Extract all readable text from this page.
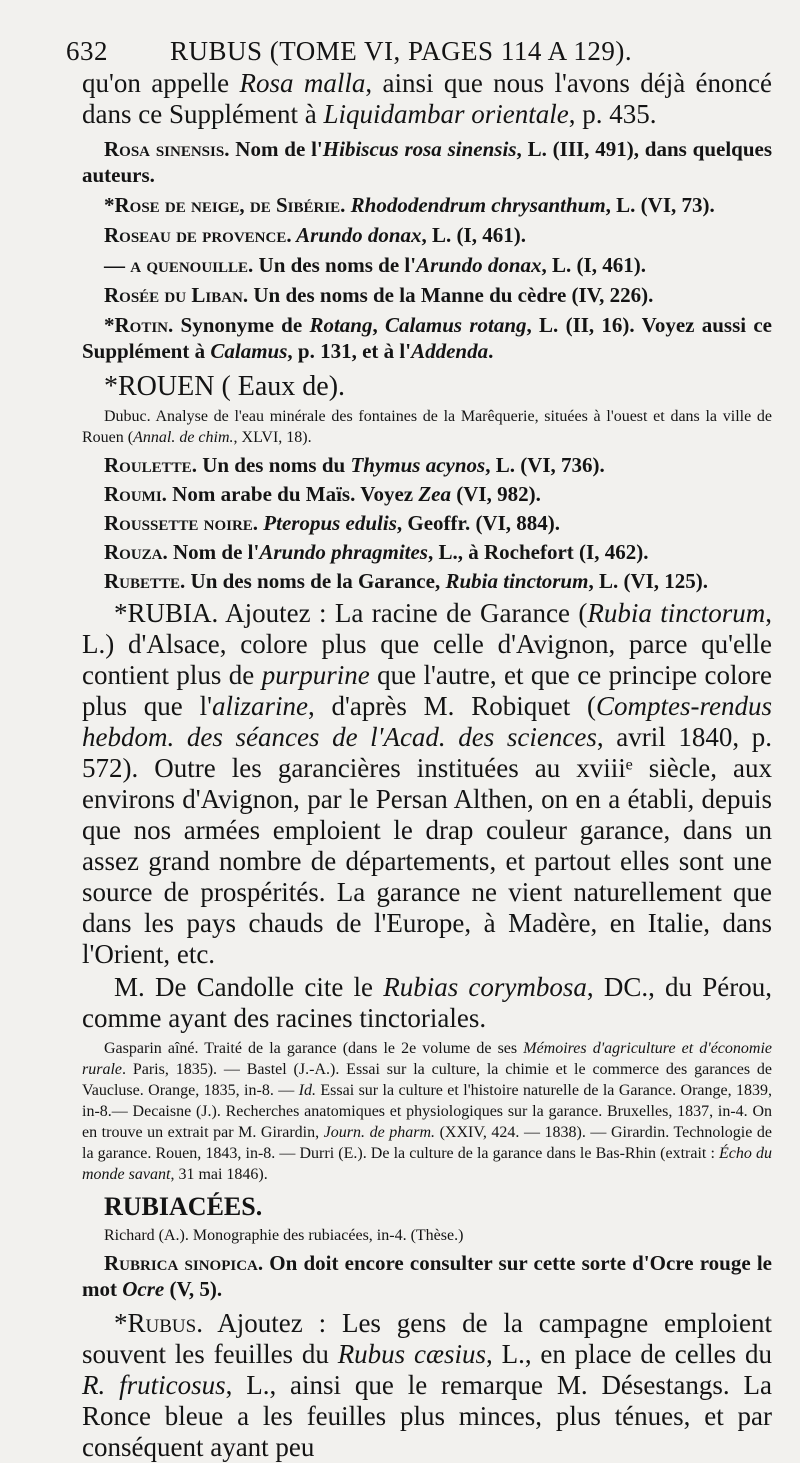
632 RUBUS (TOME VI, PAGES 114 A 129).

qu'on appelle Rosa malla, ainsi que nous l'avons déjà énoncé dans ce Supplément à Liquidambar orientale, p. 435.

Rosa sinensis. Nom de l'Hibiscus rosa sinensis, L. (III, 491), dans quelques auteurs.

*Rose de neige, de Sibérie. Rhododendrum chrysanthum, L. (VI, 73).

Roseau de provence. Arundo donax, L. (I, 461).

— a quenouille. Un des noms de l'Arundo donax, L. (I, 461).

Rosée du Liban. Un des noms de la Manne du cèdre (IV, 226).

*Rotin. Synonyme de Rotang, Calamus rotang, L. (II, 16). Voyez aussi ce Supplément à Calamus, p. 131, et à l'Addenda.

*ROUEN ( Eaux de).

Dubuc. Analyse de l'eau minérale des fontaines de la Marêquerie, situées à l'ouest et dans la ville de Rouen (Annal. de chim., XLVI, 18).

Roulette. Un des noms du Thymus acynos, L. (VI, 736).

Roumi. Nom arabe du Maïs. Voyez Zea (VI, 982).

Roussette noire. Pteropus edulis, Geoffr. (VI, 884).

Rouza. Nom de l'Arundo phragmites, L., à Rochefort (I, 462).

Rubette. Un des noms de la Garance, Rubia tinctorum, L. (VI, 125).

*RUBIA. Ajoutez : La racine de Garance (Rubia tinctorum, L.) d'Alsace, colore plus que celle d'Avignon, parce qu'elle contient plus de purpurine que l'autre, et que ce principe colore plus que l'alizarine, d'après M. Robiquet (Comptes-rendus hebdom. des séances de l'Acad. des sciences, avril 1840, p. 572). Outre les garancières instituées au xviiiᵉ siècle, aux environs d'Avignon, par le Persan Althen, on en a établi, depuis que nos armées emploient le drap couleur garance, dans un assez grand nombre de départements, et partout elles sont une source de prospérités. La garance ne vient naturellement que dans les pays chauds de l'Europe, à Madère, en Italie, dans l'Orient, etc.

M. De Candolle cite le Rubias corymbosa, DC., du Pérou, comme ayant des racines tinctoriales.

Gasparin aîné. Traité de la garance (dans le 2e volume de ses Mémoires d'agriculture et d'économie rurale. Paris, 1835). — Bastel (J.-A.). Essai sur la culture, la chimie et le commerce des garances de Vaucluse. Orange, 1835, in-8. — Id. Essai sur la culture et l'histoire naturelle de la Garance. Orange, 1839, in-8.— Decaisne (J.). Recherches anatomiques et physiologiques sur la garance. Bruxelles, 1837, in-4. On en trouve un extrait par M. Girardin, Journ. de pharm. (XXIV, 424. — 1838). — Girardin. Technologie de la garance. Rouen, 1843, in-8. — Durri (E.). De la culture de la garance dans le Bas-Rhin (extrait : Écho du monde savant, 31 mai 1846).

RUBIACÉES.

Richard (A.). Monographie des rubiacées, in-4. (Thèse.)

Rubrica sinopica. On doit encore consulter sur cette sorte d'Ocre rouge le mot Ocre (V, 5).

*Rubus. Ajoutez : Les gens de la campagne emploient souvent les feuilles du Rubus cæsius, L., en place de celles du R. fruticosus, L., ainsi que le remarque M. Désestangs. La Ronce bleue a les feuilles plus minces, plus ténues, et par conséquent ayant peu
